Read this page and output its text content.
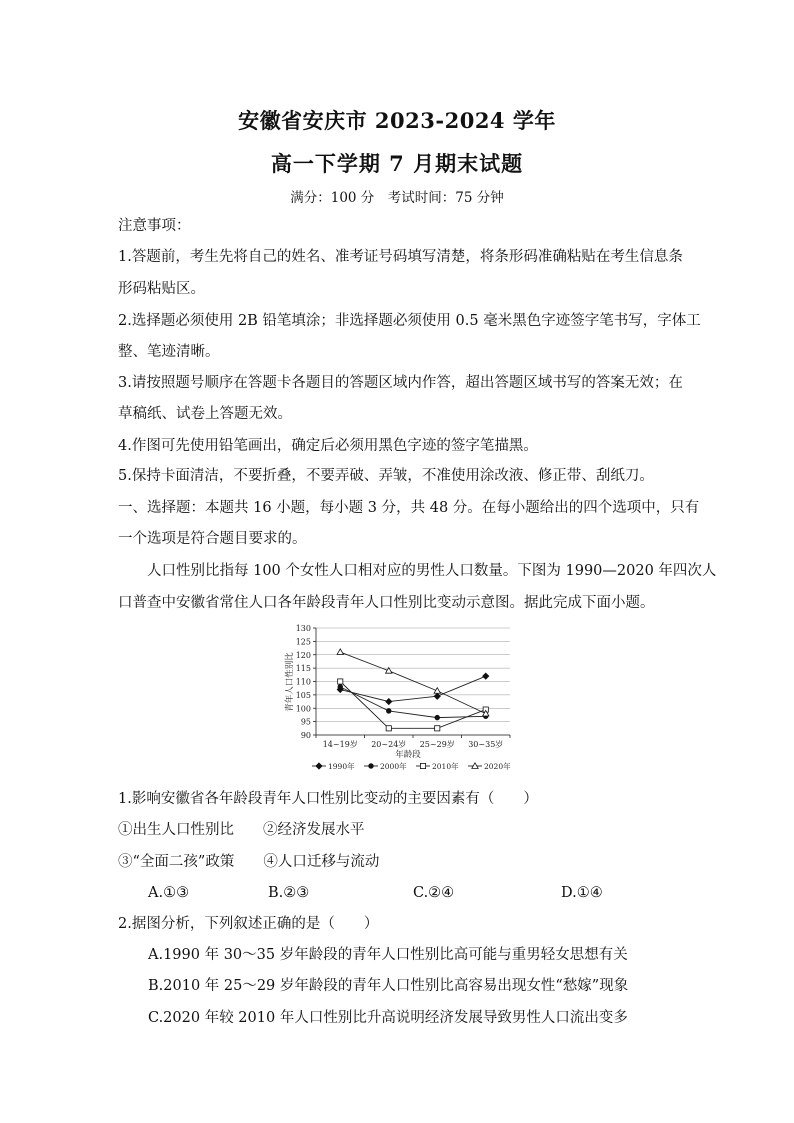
安徽省安庆市 2023-2024 学年
高一下学期 7 月期末试题
满分：100 分　考试时间：75 分钟
注意事项：
1.答题前，考生先将自己的姓名、准考证号码填写清楚，将条形码准确粘贴在考生信息条
形码粘贴区。
2.选择题必须使用 2B 铅笔填涂；非选择题必须使用 0.5 毫米黑色字迹签字笔书写，字体工
整、笔迹清晰。
3.请按照题号顺序在答题卡各题目的答题区域内作答，超出答题区域书写的答案无效；在
草稿纸、试卷上答题无效。
4.作图可先使用铅笔画出，确定后必须用黑色字迹的签字笔描黑。
5.保持卡面清洁，不要折叠，不要弄破、弄皱，不准使用涂改液、修正带、刮纸刀。
一、选择题：本题共 16 小题，每小题 3 分，共 48 分。在每小题给出的四个选项中，只有
一个选项是符合题目要求的。
人口性别比指每 100 个女性人口相对应的男性人口数量。下图为 1990—2020 年四次人
口普查中安徽省常住人口各年龄段青年人口性别比变动示意图。据此完成下面小题。
90
95
100
105
110
115
120
125
130
14~19岁 20~24岁 25~29岁 30~35岁
1990年	2000年	2010年	2020年
青年人口性别比
年龄段
1.影响安徽省各年龄段青年人口性别比变动的主要因素有（　　）
①出生人口性别比　　②经济发展水平
③“全面二孩”政策　　④人口迁移与流动
A.①③	B.②③	C.②④	D.①④
2.据图分析，下列叙述正确的是（　　）
A.1990 年 30～35 岁年龄段的青年人口性别比高可能与重男轻女思想有关
B.2010 年 25～29 岁年龄段的青年人口性别比高容易出现女性“愁嫁”现象
C.2020 年较 2010 年人口性别比升高说明经济发展导致男性人口流出变多
